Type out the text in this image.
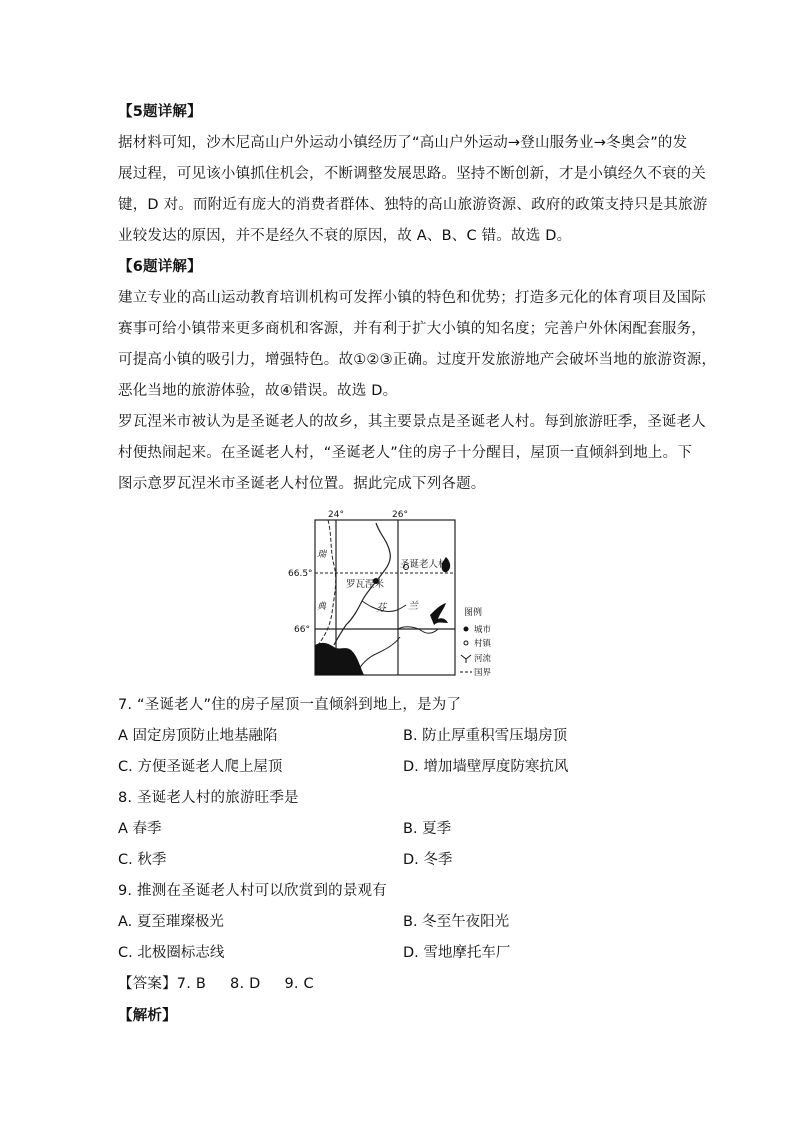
【5题详解】
据材料可知，沙木尼高山户外运动小镇经历了“高山户外运动→登山服务业→冬奥会”的发
展过程，可见该小镇抓住机会，不断调整发展思路。坚持不断创新，才是小镇经久不衰的关
键，D 对。而附近有庞大的消费者群体、独特的高山旅游资源、政府的政策支持只是其旅游
业较发达的原因，并不是经久不衰的原因，故 A、B、C 错。故选 D。
【6题详解】
建立专业的高山运动教育培训机构可发挥小镇的特色和优势；打造多元化的体育项目及国际
赛事可给小镇带来更多商机和客源，并有利于扩大小镇的知名度；完善户外休闲配套服务，
可提高小镇的吸引力，增强特色。故①②③正确。过度开发旅游地产会破坏当地的旅游资源，
恶化当地的旅游体验，故④错误。故选 D。
罗瓦涅米市被认为是圣诞老人的故乡，其主要景点是圣诞老人村。每到旅游旺季，圣诞老人
村便热闹起来。在圣诞老人村，“圣诞老人”住的房子十分醒目，屋顶一直倾斜到地上。下
图示意罗瓦涅米市圣诞老人村位置。据此完成下列各题。
24°	26°
66.5°
66°
圣诞老人村
罗瓦涅米
瑞
典	芬 兰
图例
城市
村镇
河流
国界
7. “圣诞老人”住的房子屋顶一直倾斜到地上，是为了
A 固定房顶防止地基融陷	B. 防止厚重积雪压塌房顶
C. 方便圣诞老人爬上屋顶	D. 增加墙壁厚度防寒抗风
8. 圣诞老人村的旅游旺季是
A 春季	B. 夏季
C. 秋季	D. 冬季
9. 推测在圣诞老人村可以欣赏到的景观有
A. 夏至璀璨极光	B. 冬至午夜阳光
C. 北极圈标志线	D. 雪地摩托车厂
【答案】7. B     8. D     9. C
【解析】
